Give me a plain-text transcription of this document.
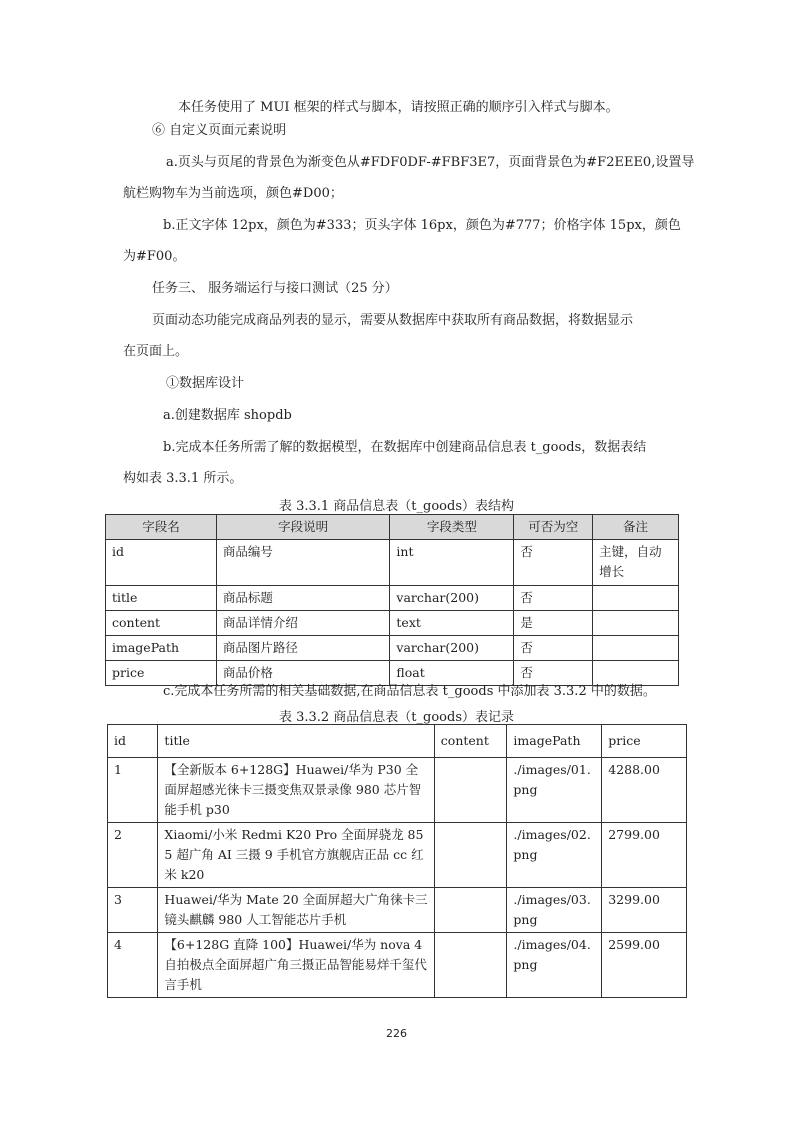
本任务使用了 MUI 框架的样式与脚本，请按照正确的顺序引入样式与脚本。
⑥ 自定义页面元素说明
a.页头与页尾的背景色为渐变色从#FDF0DF-#FBF3E7，页面背景色为#F2EEE0,设置导
航栏购物车为当前选项，颜色#D00；
b.正文字体 12px，颜色为#333；页头字体 16px，颜色为#777；价格字体 15px，颜色
为#F00。
任务三、 服务端运行与接口测试（25 分）
页面动态功能完成商品列表的显示，需要从数据库中获取所有商品数据，将数据显示
在页面上。
①数据库设计
a.创建数据库 shopdb
b.完成本任务所需了解的数据模型，在数据库中创建商品信息表 t_goods，数据表结
构如表 3.3.1 所示。
表 3.3.1 商品信息表（t_goods）表结构
字段名	字段说明	字段类型	可否为空	备注
id	商品编号	int	否	主键，自动增长
title	商品标题	varchar(200)	否	
content	商品详情介绍	text	是	
imagePath	商品图片路径	varchar(200)	否	
price	商品价格	float	否	
c.完成本任务所需的相关基础数据,在商品信息表 t_goods 中添加表 3.3.2 中的数据。
表 3.3.2 商品信息表（t_goods）表记录
id	title	content	imagePath	price
1	【全新版本 6+128G】Huawei/华为 P30 全面屏超感光徕卡三摄变焦双景录像 980 芯片智能手机 p30		./images/01.png	4288.00
2	Xiaomi/小米 Redmi K20 Pro 全面屏骁龙 855 超广角 AI 三摄 9 手机官方旗舰店正品 cc 红米 k20		./images/02.png	2799.00
3	Huawei/华为 Mate 20 全面屏超大广角徕卡三镜头麒麟 980 人工智能芯片手机		./images/03.png	3299.00
4	【6+128G 直降 100】Huawei/华为 nova 4 自拍极点全面屏超广角三摄正品智能易烊千玺代言手机		./images/04.png	2599.00
226
